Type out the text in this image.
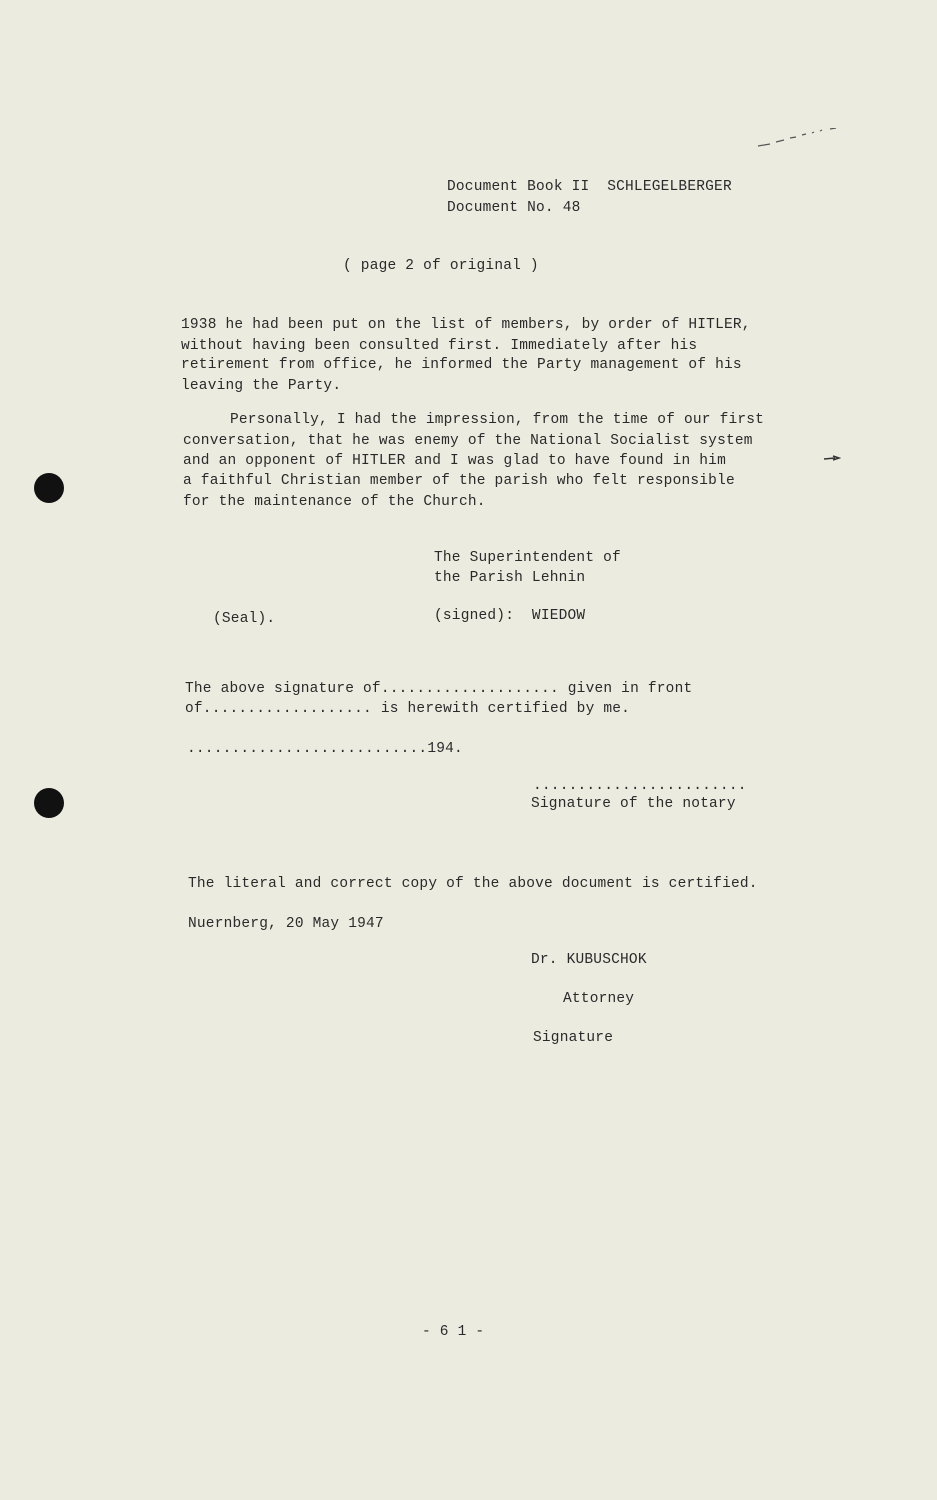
Document Book II  SCHLEGELBERGER
Document No. 48
( page 2 of original )
1938 he had been put on the list of members, by order of HITLER,
without having been consulted first. Immediately after his
retirement from office, he informed the Party management of his
leaving the Party.
Personally, I had the impression, from the time of our first
conversation, that he was enemy of the National Socialist system
and an opponent of HITLER and I was glad to have found in him
a faithful Christian member of the parish who felt responsible
for the maintenance of the Church.
The Superintendent of
the Parish Lehnin
(Seal).	(signed):  WIEDOW
The above signature of.................... given in front
of................... is herewith certified by me.
...........................194.
........................
Signature of the notary
The literal and correct copy of the above document is certified.
Nuernberg, 20 May 1947
Dr. KUBUSCHOK
Attorney
Signature
- 6 1 -
